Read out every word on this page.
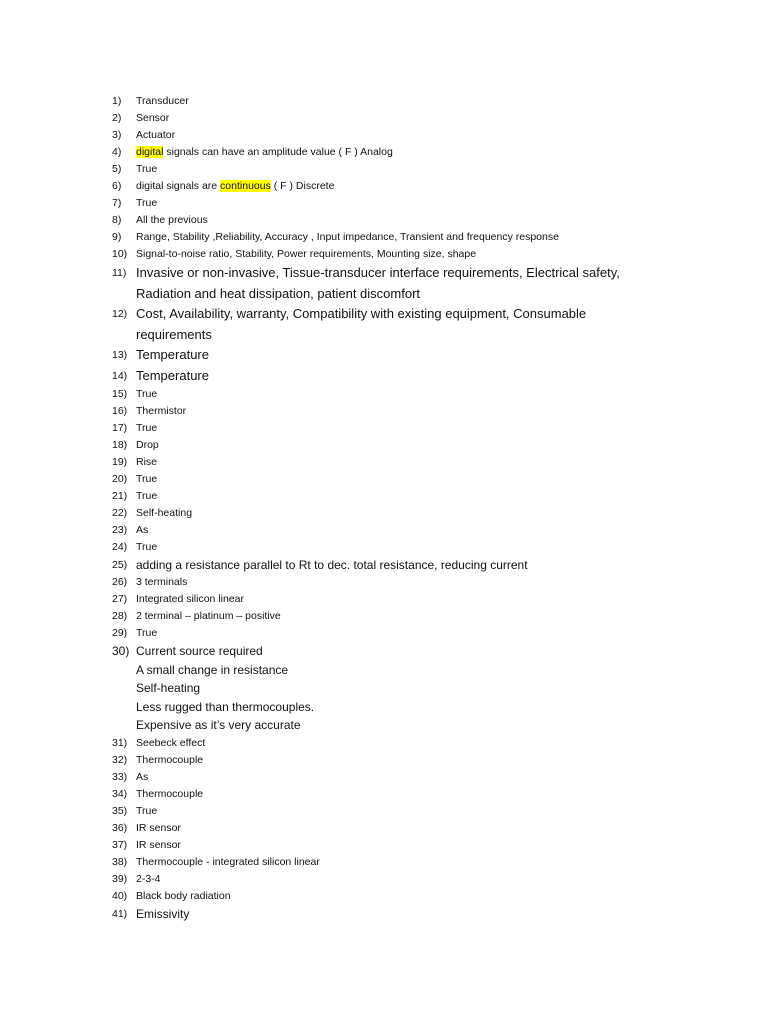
1)	Transducer
2)	Sensor
3)	Actuator
4)	digital signals can have an amplitude value ( F ) Analog
5)	True
6)	digital signals are continuous ( F ) Discrete
7)	True
8)	All the previous
9)	Range, Stability ,Reliability, Accuracy , Input impedance, Transient and frequency response
10) Signal-to-noise ratio, Stability, Power requirements, Mounting size, shape
11) Invasive or non-invasive, Tissue-transducer interface requirements, Electrical safety,
Radiation and heat dissipation, patient discomfort
12) Cost, Availability, warranty, Compatibility with existing equipment, Consumable
requirements
13) Temperature
14) Temperature
15) True
16) Thermistor
17) True
18) Drop
19) Rise
20) True
21) True
22) Self-heating
23) As
24) True
25) adding a resistance parallel to Rt to dec. total resistance, reducing current
26) 3 terminals
27) Integrated silicon linear
28) 2 terminal – platinum – positive
29) True
30) Current source required
A small change in resistance
Self-heating
Less rugged than thermocouples.
Expensive as it’s very accurate
31) Seebeck effect
32) Thermocouple
33) As
34) Thermocouple
35) True
36) IR sensor
37) IR sensor
38) Thermocouple - integrated silicon linear
39) 2-3-4
40) Black body radiation
41) Emissivity
